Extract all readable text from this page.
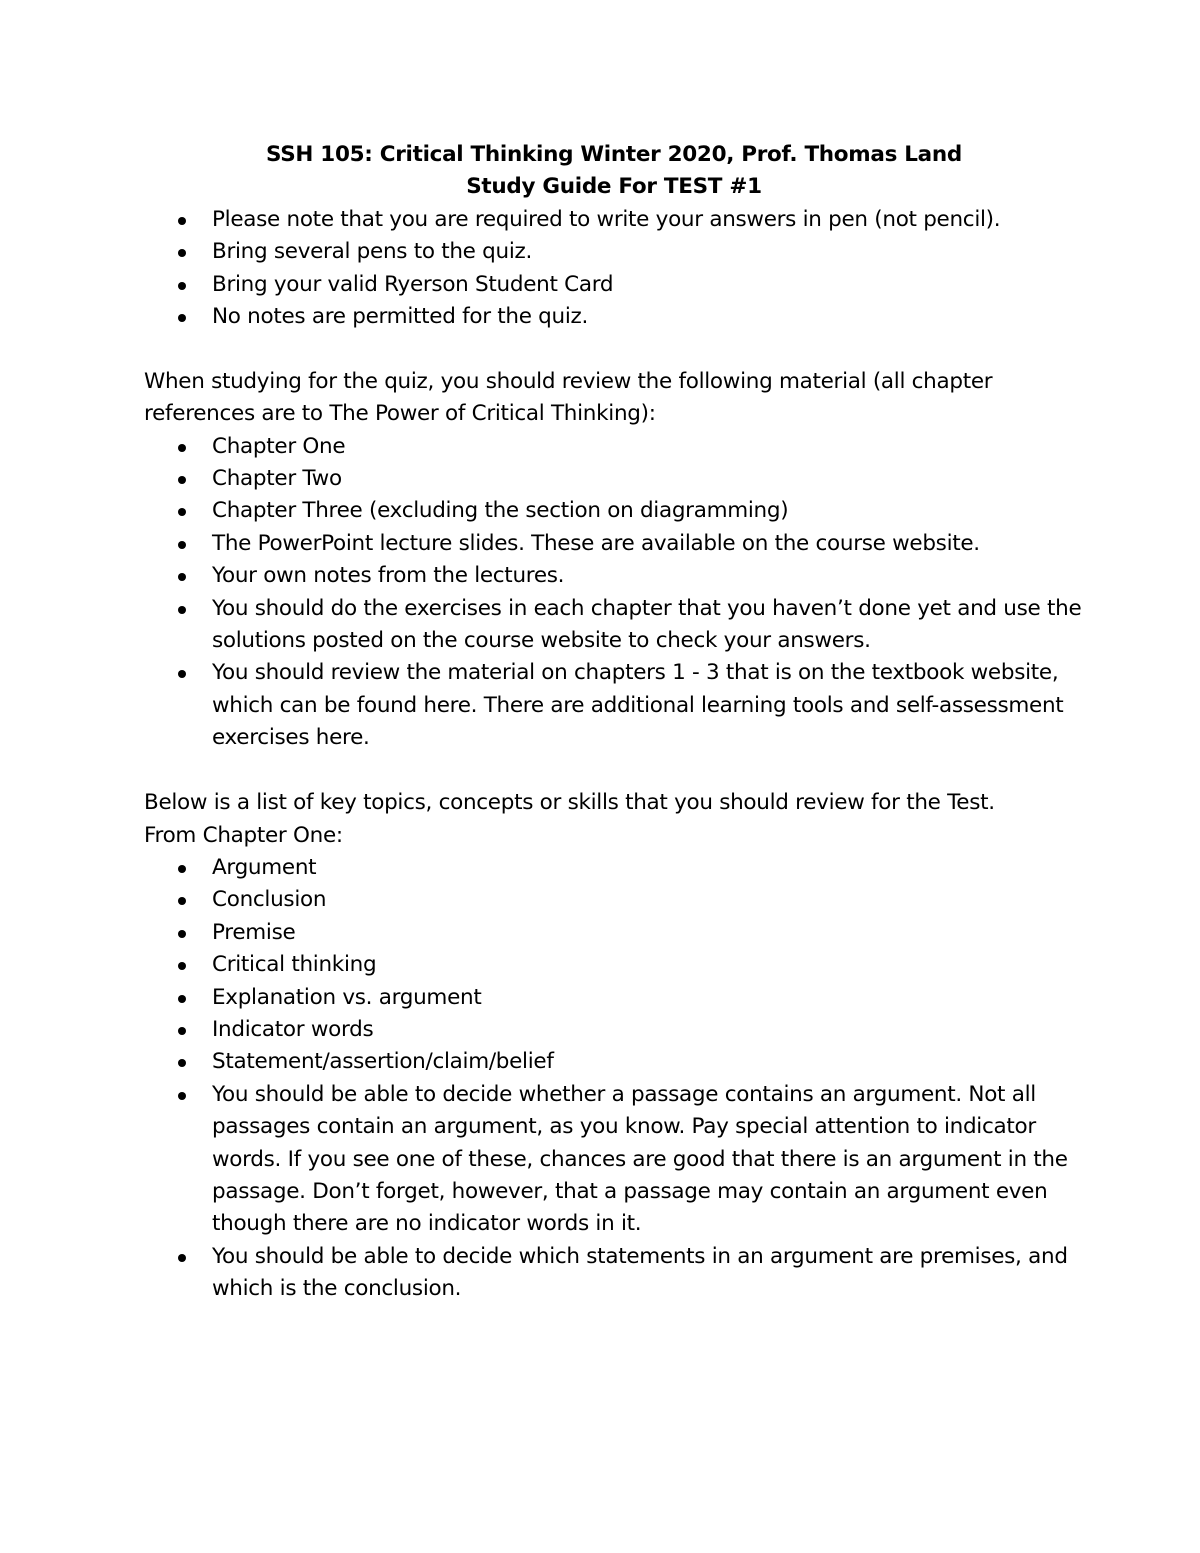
SSH 105: Critical Thinking Winter 2020, Prof. Thomas Land

Study Guide For TEST #1

Please note that you are required to write your answers in pen (not pencil).
Bring several pens to the quiz.
Bring your valid Ryerson Student Card
No notes are permitted for the quiz.

When studying for the quiz, you should review the following material (all chapter references are to The Power of Critical Thinking):

Chapter One
Chapter Two
Chapter Three (excluding the section on diagramming)
The PowerPoint lecture slides. These are available on the course website.
Your own notes from the lectures.
You should do the exercises in each chapter that you haven’t done yet and use the solutions posted on the course website to check your answers.
You should review the material on chapters 1 - 3 that is on the textbook website, which can be found here. There are additional learning tools and self-assessment exercises here.

Below is a list of key topics, concepts or skills that you should review for the Test.

From Chapter One:

Argument
Conclusion
Premise
Critical thinking
Explanation vs. argument
Indicator words
Statement/assertion/claim/belief
You should be able to decide whether a passage contains an argument. Not all passages contain an argument, as you know. Pay special attention to indicator words. If you see one of these, chances are good that there is an argument in the passage. Don’t forget, however, that a passage may contain an argument even though there are no indicator words in it.
You should be able to decide which statements in an argument are premises, and which is the conclusion.
